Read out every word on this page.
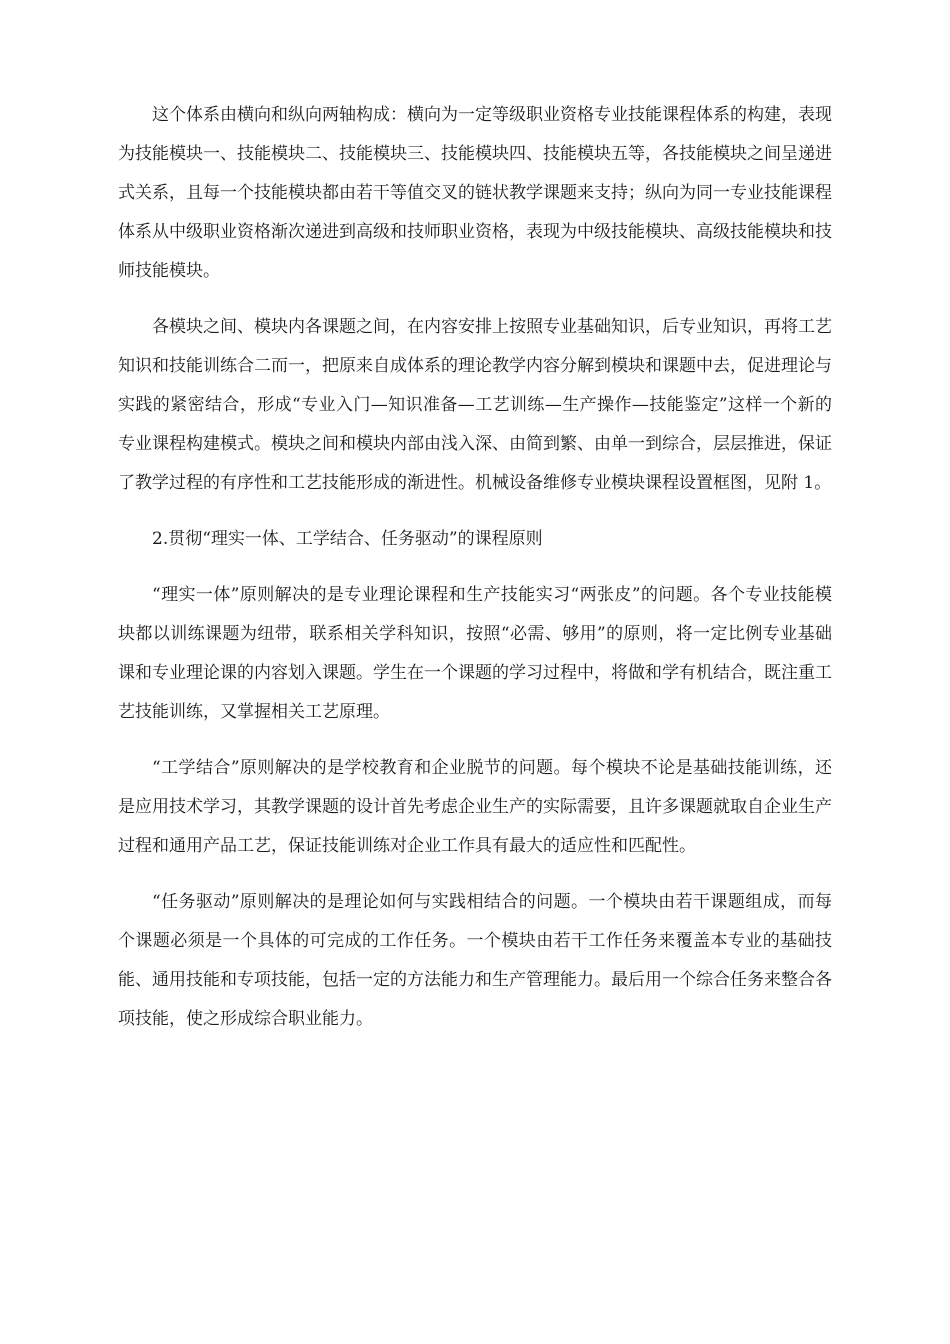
这个体系由横向和纵向两轴构成：横向为一定等级职业资格专业技能课程体系的构建，表现为技能模块一、技能模块二、技能模块三、技能模块四、技能模块五等，各技能模块之间呈递进式关系，且每一个技能模块都由若干等值交叉的链状教学课题来支持；纵向为同一专业技能课程体系从中级职业资格渐次递进到高级和技师职业资格，表现为中级技能模块、高级技能模块和技师技能模块。

各模块之间、模块内各课题之间，在内容安排上按照专业基础知识，后专业知识，再将工艺知识和技能训练合二而一，把原来自成体系的理论教学内容分解到模块和课题中去，促进理论与实践的紧密结合，形成“专业入门—知识准备—工艺训练—生产操作—技能鉴定”这样一个新的专业课程构建模式。模块之间和模块内部由浅入深、由简到繁、由单一到综合，层层推进，保证了教学过程的有序性和工艺技能形成的渐进性。机械设备维修专业模块课程设置框图，见附 1。

2.贯彻“理实一体、工学结合、任务驱动”的课程原则

“理实一体”原则解决的是专业理论课程和生产技能实习“两张皮”的问题。各个专业技能模块都以训练课题为纽带，联系相关学科知识，按照“必需、够用”的原则，将一定比例专业基础课和专业理论课的内容划入课题。学生在一个课题的学习过程中，将做和学有机结合，既注重工艺技能训练，又掌握相关工艺原理。

“工学结合”原则解决的是学校教育和企业脱节的问题。每个模块不论是基础技能训练，还是应用技术学习，其教学课题的设计首先考虑企业生产的实际需要，且许多课题就取自企业生产过程和通用产品工艺，保证技能训练对企业工作具有最大的适应性和匹配性。

“任务驱动”原则解决的是理论如何与实践相结合的问题。一个模块由若干课题组成，而每个课题必须是一个具体的可完成的工作任务。一个模块由若干工作任务来覆盖本专业的基础技能、通用技能和专项技能，包括一定的方法能力和生产管理能力。最后用一个综合任务来整合各项技能，使之形成综合职业能力。
